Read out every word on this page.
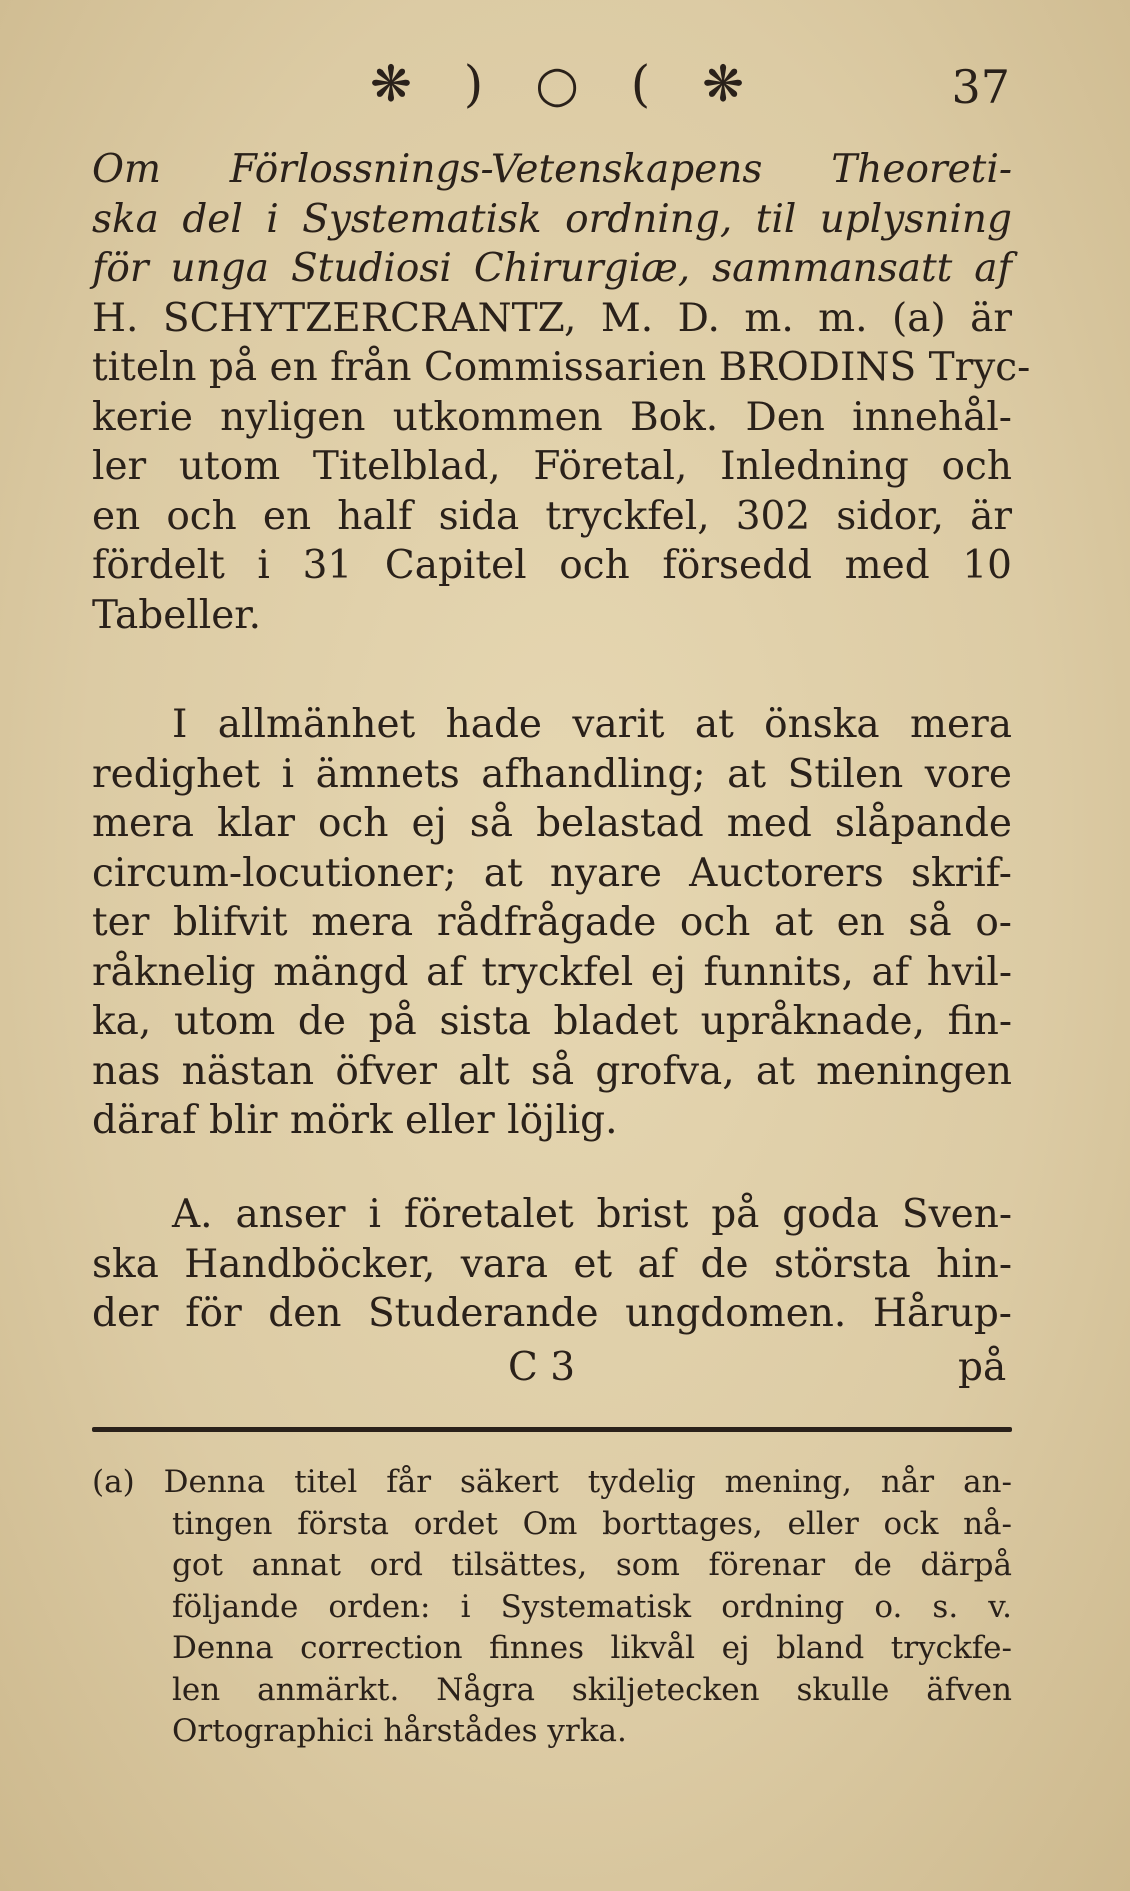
❋ ) ○ ( ❋	37
Om Förlossnings-Vetenskapens Theoreti-
ska del i Systematisk ordning, til uplysning
för unga Studiosi Chirurgiæ, sammansatt af
H. SCHYTZERCRANTZ, M. D. m. m. (a) är
titeln på en från Commissarien BRODINS Tryc-
kerie nyligen utkommen Bok. Den innehål-
ler utom Titelblad, Företal, Inledning och
en och en half sida tryckfel, 302 sidor, är
fördelt i 31 Capitel och försedd med 10
Tabeller.
I allmänhet hade varit at önska mera
redighet i ämnets afhandling; at Stilen vore
mera klar och ej så belastad med slåpande
circum-locutioner; at nyare Auctorers skrif-
ter blifvit mera rådfrågade och at en så o-
råknelig mängd af tryckfel ej funnits, af hvil-
ka, utom de på sista bladet upråknade, fin-
nas nästan öfver alt så grofva, at meningen
däraf blir mörk eller löjlig.
A. anser i företalet brist på goda Sven-
ska Handböcker, vara et af de största hin-
der för den Studerande ungdomen. Hårup-
C 3	på
(a) Denna titel får säkert tydelig mening, når an-
tingen första ordet Om borttages, eller ock nå-
got annat ord tilsättes, som förenar de därpå
följande orden: i Systematisk ordning o. s. v.
Denna correction finnes likvål ej bland tryckfe-
len anmärkt. Några skiljetecken skulle äfven
Ortographici hårstådes yrka.
